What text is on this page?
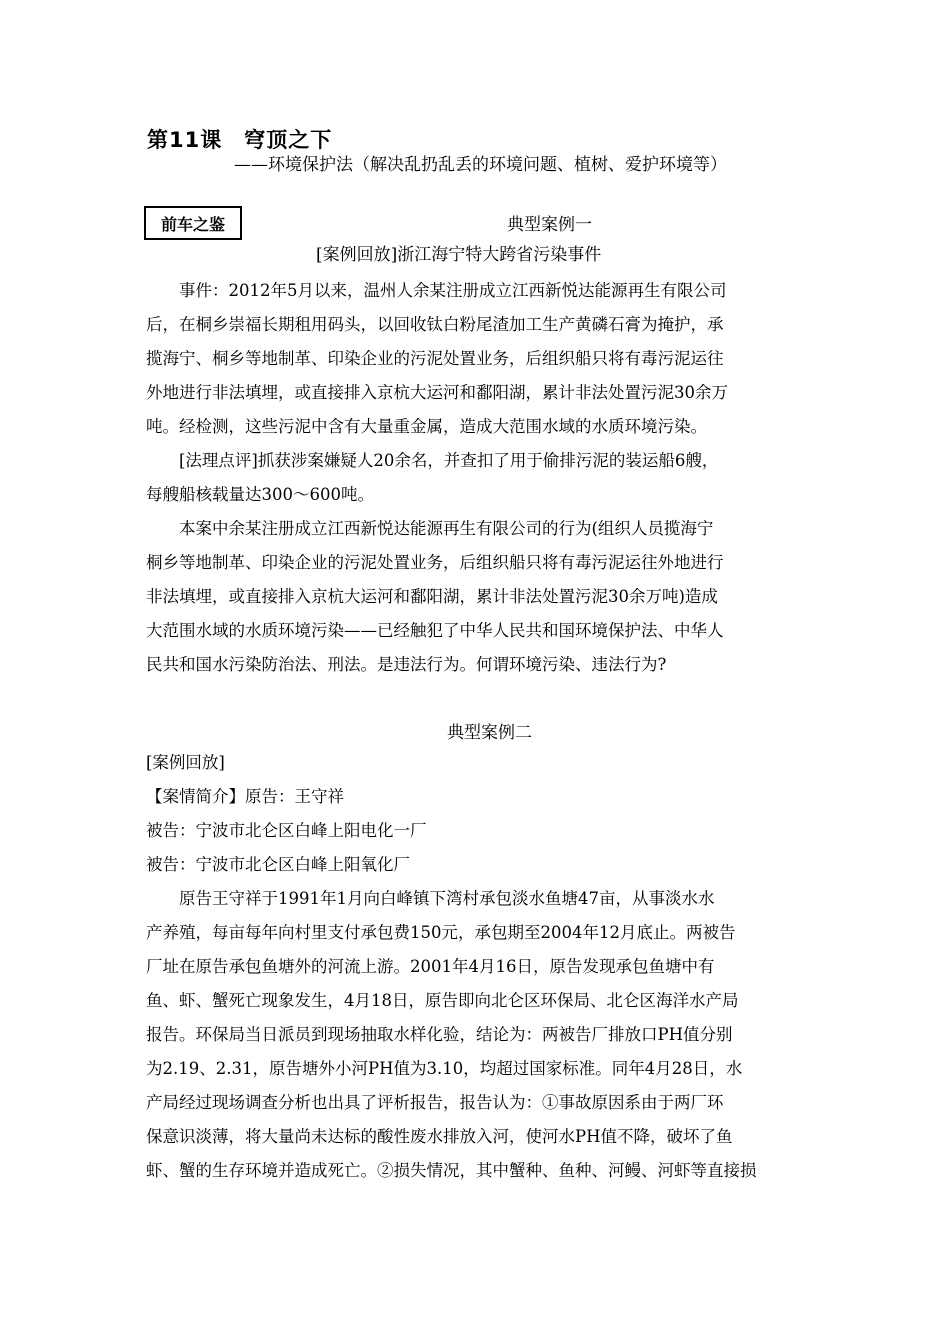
第11课 穹顶之下
——环境保护法（解决乱扔乱丢的环境问题、植树、爱护环境等）
前车之鉴	典型案例一
[案例回放]浙江海宁特大跨省污染事件
事件：2012年5月以来，温州人余某注册成立江西新悦达能源再生有限公司
后，在桐乡崇福长期租用码头，以回收钛白粉尾渣加工生产黄磷石膏为掩护，承
揽海宁、桐乡等地制革、印染企业的污泥处置业务，后组织船只将有毒污泥运往
外地进行非法填埋，或直接排入京杭大运河和鄱阳湖，累计非法处置污泥30余万
吨。经检测，这些污泥中含有大量重金属，造成大范围水域的水质环境污染。
[法理点评]抓获涉案嫌疑人20余名，并查扣了用于偷排污泥的装运船6艘，
每艘船核载量达300～600吨。
本案中余某注册成立江西新悦达能源再生有限公司的行为(组织人员揽海宁
桐乡等地制革、印染企业的污泥处置业务，后组织船只将有毒污泥运往外地进行
非法填埋，或直接排入京杭大运河和鄱阳湖，累计非法处置污泥30余万吨)造成
大范围水域的水质环境污染——已经触犯了中华人民共和国环境保护法、中华人
民共和国水污染防治法、刑法。是违法行为。何谓环境污染、违法行为?
典型案例二
[案例回放]
【案情简介】原告：王守祥
被告：宁波市北仑区白峰上阳电化一厂
被告：宁波市北仑区白峰上阳氧化厂
原告王守祥于1991年1月向白峰镇下湾村承包淡水鱼塘47亩，从事淡水水
产养殖，每亩每年向村里支付承包费150元，承包期至2004年12月底止。两被告
厂址在原告承包鱼塘外的河流上游。2001年4月16日，原告发现承包鱼塘中有
鱼、虾、蟹死亡现象发生，4月18日，原告即向北仑区环保局、北仑区海洋水产局
报告。环保局当日派员到现场抽取水样化验，结论为：两被告厂排放口PH值分别
为2.19、2.31，原告塘外小河PH值为3.10，均超过国家标准。同年4月28日，水
产局经过现场调查分析也出具了评析报告，报告认为：①事故原因系由于两厂环
保意识淡薄，将大量尚未达标的酸性废水排放入河，使河水PH值不降，破坏了鱼
虾、蟹的生存环境并造成死亡。②损失情况，其中蟹种、鱼种、河鳗、河虾等直接损
